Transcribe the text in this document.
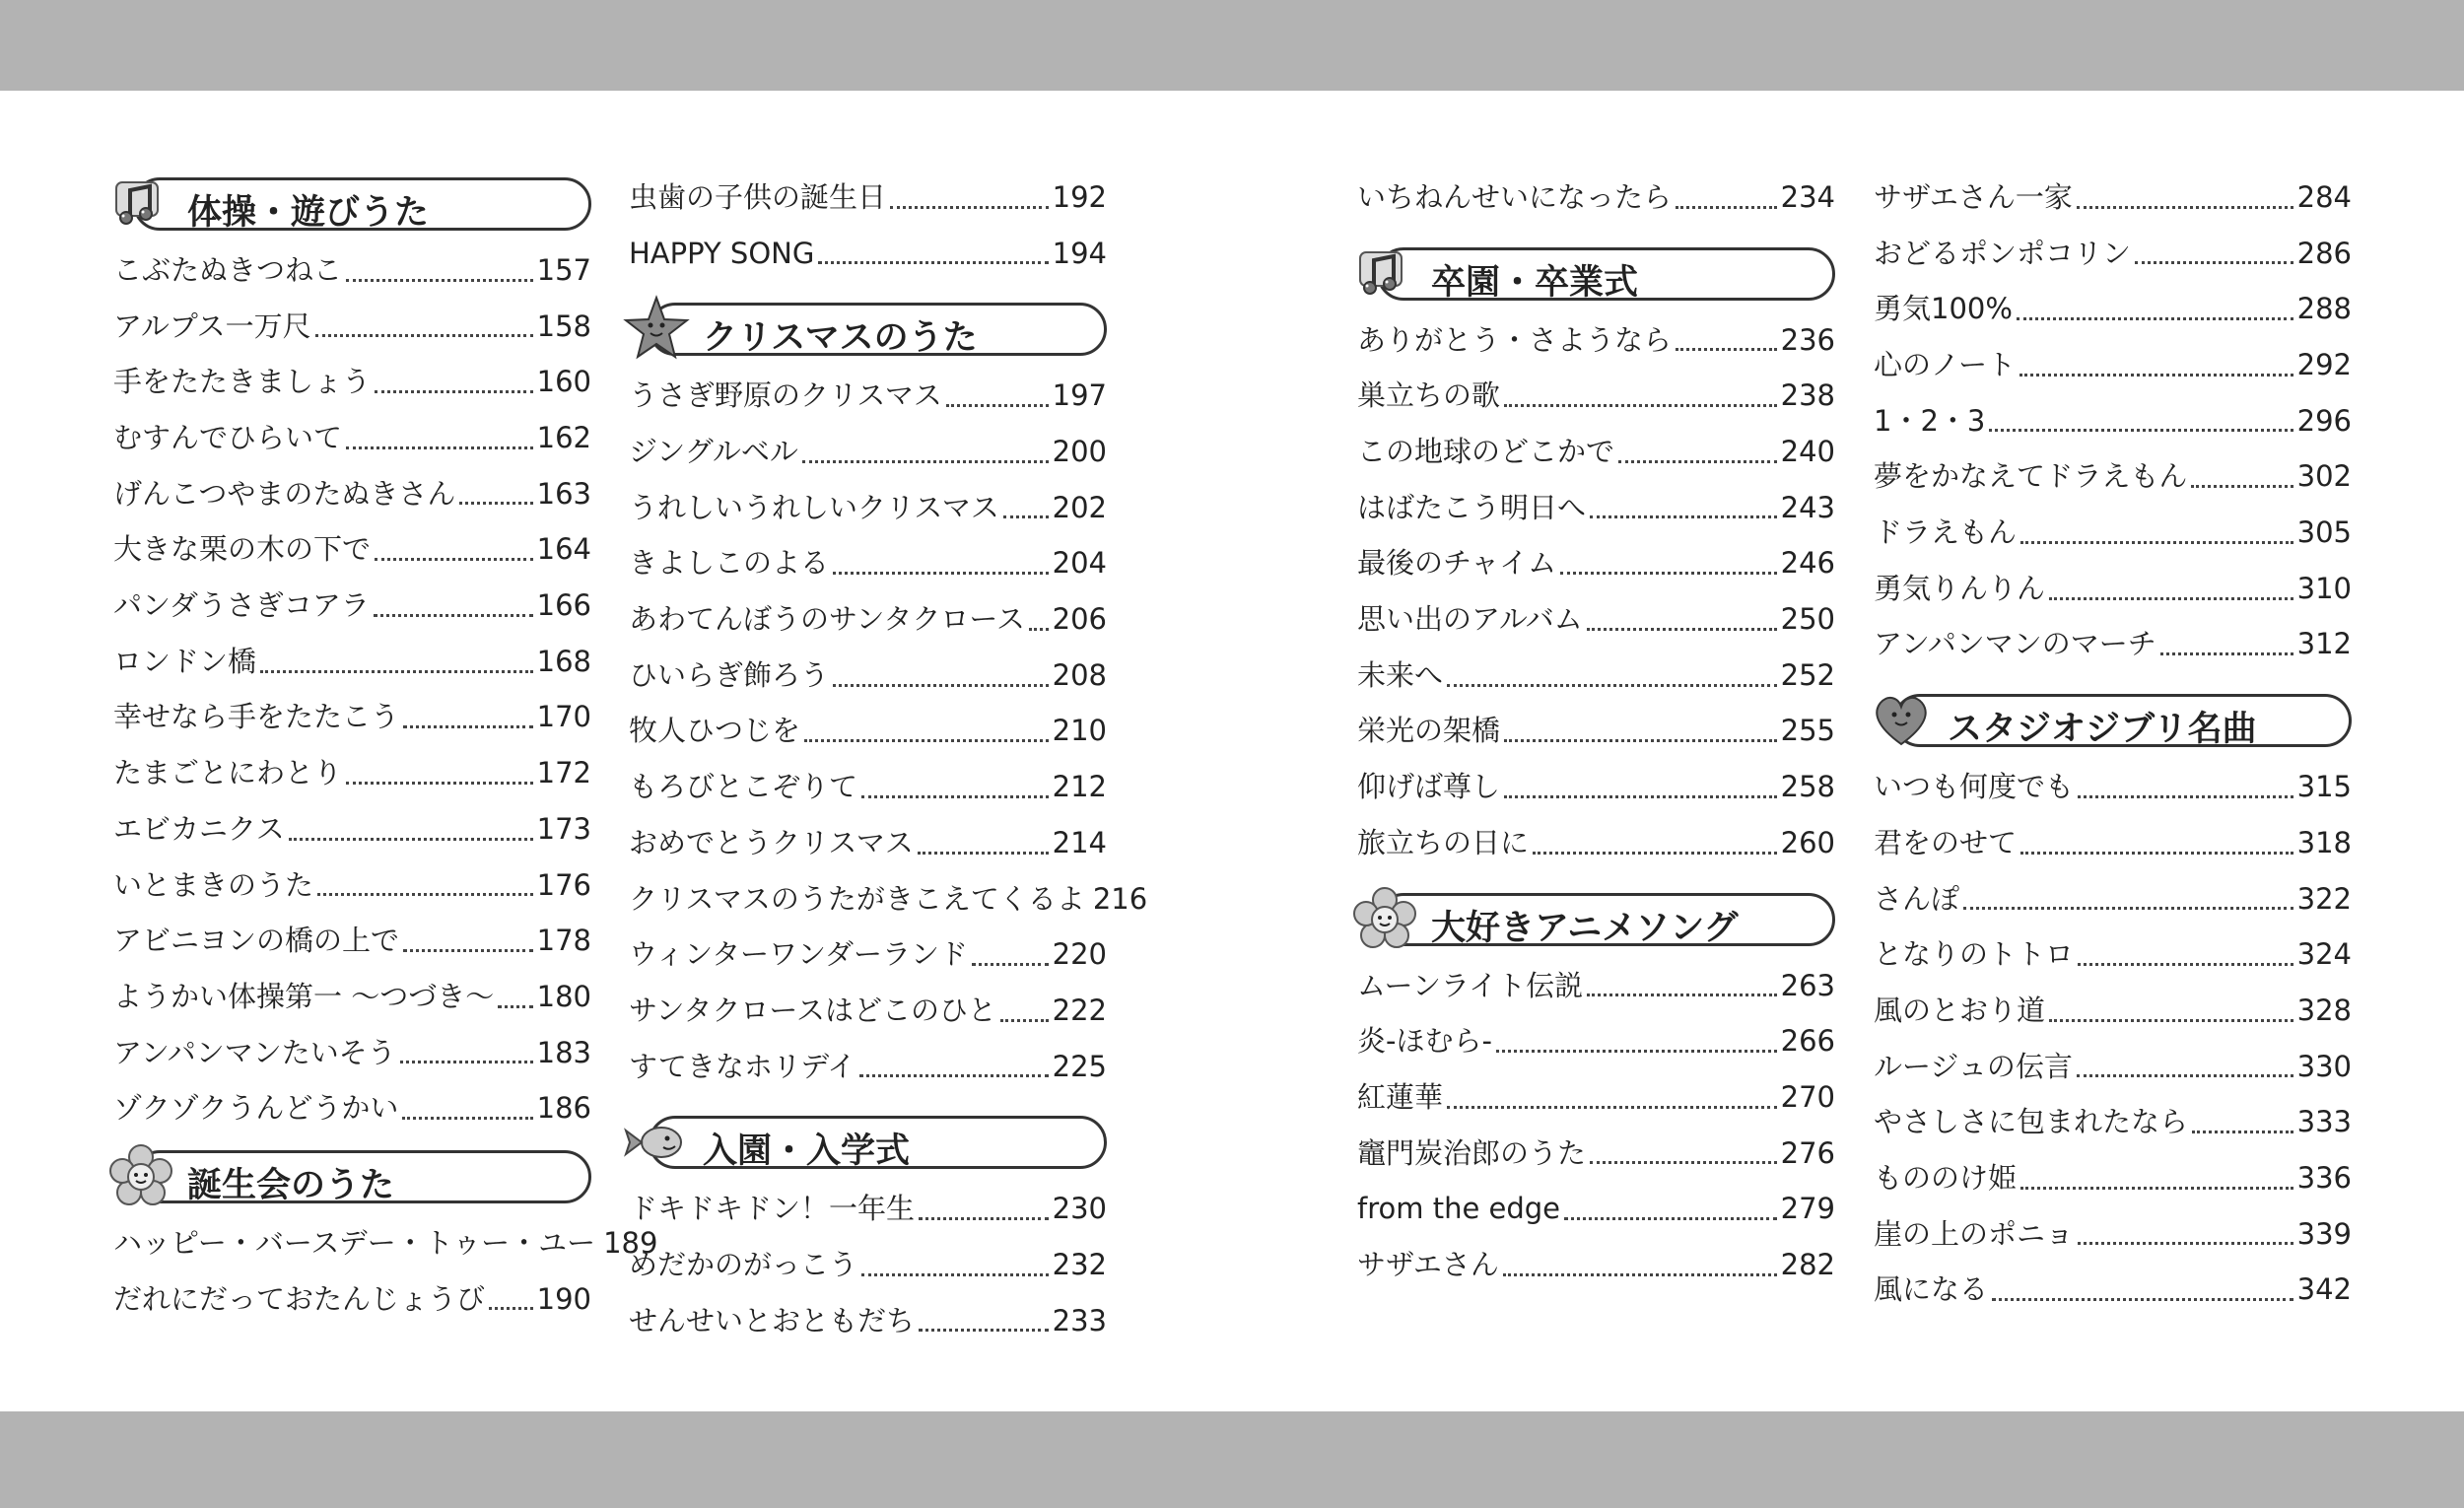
体操・遊びうた
こぶたぬきつねこ	157
アルプス一万尺	158
手をたたきましょう	160
むすんでひらいて	162
げんこつやまのたぬきさん	163
大きな栗の木の下で	164
パンダうさぎコアラ	166
ロンドン橋	168
幸せなら手をたたこう	170
たまごとにわとり	172
エビカニクス	173
いとまきのうた	176
アビニヨンの橋の上で	178
ようかい体操第一 ～つづき～ 180
アンパンマンたいそう	183
ゾクゾクうんどうかい	186
誕生会のうた
ハッピー・バースデー・トゥー・ユー 189
だれにだっておたんじょうび 190
虫歯の子供の誕生日	192
HAPPY SONG	194
クリスマスのうた
うさぎ野原のクリスマス	197
ジングルベル	200
うれしいうれしいクリスマス 202
きよしこのよる	204
あわてんぼうのサンタクロース 206
ひいらぎ飾ろう	208
牧人ひつじを	210
もろびとこぞりて	212
おめでとうクリスマス	214
クリスマスのうたがきこえてくるよ 216
ウィンターワンダーランド	220
サンタクロースはどこのひと 222
すてきなホリデイ	225
入園・入学式
ドキドキドン！一年生	230
めだかのがっこう	232
せんせいとおともだち	233
いちねんせいになったら	234
卒園・卒業式
ありがとう・さようなら	236
巣立ちの歌	238
この地球のどこかで	240
はばたこう明日へ	243
最後のチャイム	246
思い出のアルバム	250
未来へ	252
栄光の架橋	255
仰げば尊し	258
旅立ちの日に	260
大好きアニメソング
ムーンライト伝説	263
炎-ほむら-	266
紅蓮華	270
竈門炭治郎のうた	276
from the edge	279
サザエさん	282
サザエさん一家	284
おどるポンポコリン	286
勇気100%	288
心のノート	292
1・2・3	296
夢をかなえてドラえもん	302
ドラえもん	305
勇気りんりん	310
アンパンマンのマーチ	312
スタジオジブリ名曲
いつも何度でも	315
君をのせて	318
さんぽ	322
となりのトトロ	324
風のとおり道	328
ルージュの伝言	330
やさしさに包まれたなら	333
もののけ姫	336
崖の上のポニョ	339
風になる	342
